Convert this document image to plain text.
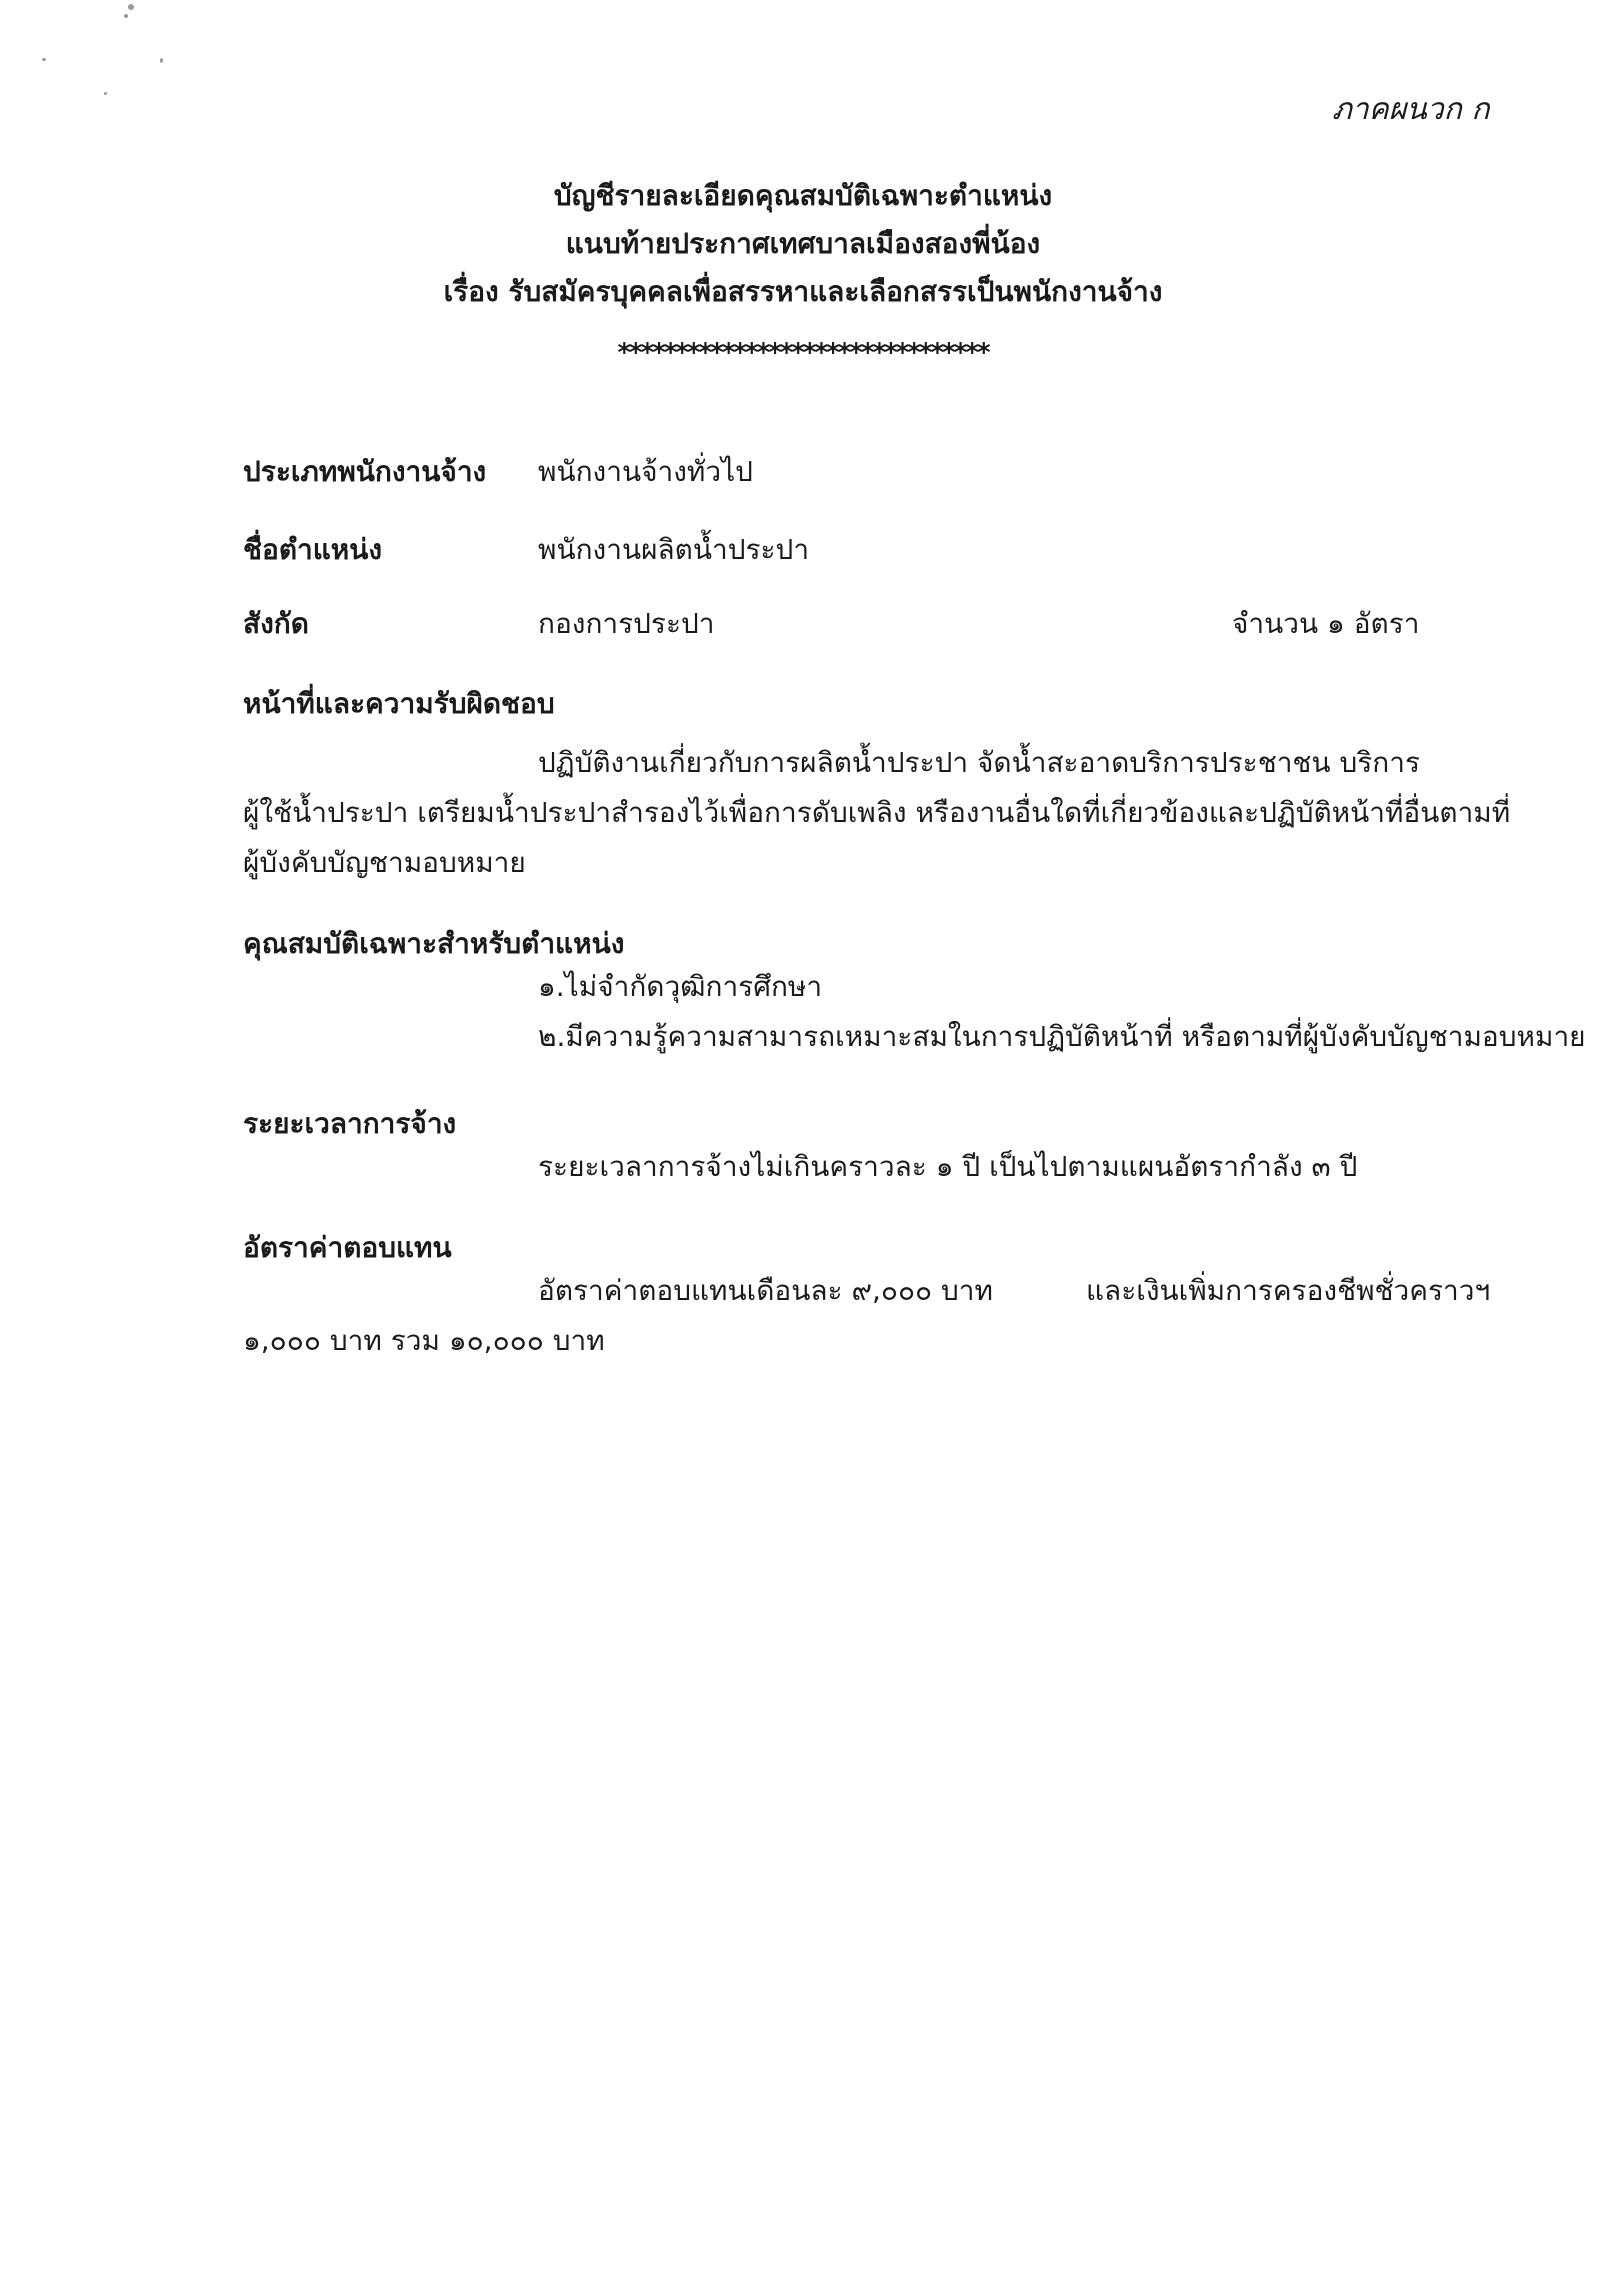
ภาคผนวก ก
บัญชีรายละเอียดคุณสมบัติเฉพาะตำแหน่ง
แนบท้ายประกาศเทศบาลเมืองสองพี่น้อง
เรื่อง รับสมัครบุคคลเพื่อสรรหาและเลือกสรรเป็นพนักงานจ้าง
********************************
ประเภทพนักงานจ้าง พนักงานจ้างทั่วไป
ชื่อตำแหน่ง	พนักงานผลิตน้ำประปา
สังกัด	กองการประปา	จำนวน ๑ อัตรา
หน้าที่และความรับผิดชอบ
ปฏิบัติงานเกี่ยวกับการผลิตน้ำประปา จัดน้ำสะอาดบริการประชาชน บริการ
ผู้ใช้น้ำประปา เตรียมน้ำประปาสำรองไว้เพื่อการดับเพลิง หรืองานอื่นใดที่เกี่ยวข้องและปฏิบัติหน้าที่อื่นตามที่
ผู้บังคับบัญชามอบหมาย
คุณสมบัติเฉพาะสำหรับตำแหน่ง
๑.ไม่จำกัดวุฒิการศึกษา
๒.มีความรู้ความสามารถเหมาะสมในการปฏิบัติหน้าที่ หรือตามที่ผู้บังคับบัญชามอบหมาย
ระยะเวลาการจ้าง
ระยะเวลาการจ้างไม่เกินคราวละ ๑ ปี เป็นไปตามแผนอัตรากำลัง ๓ ปี
อัตราค่าตอบแทน
อัตราค่าตอบแทนเดือนละ ๙,๐๐๐ บาท	และเงินเพิ่มการครองชีพชั่วคราวฯ
๑,๐๐๐ บาท รวม ๑๐,๐๐๐ บาท
